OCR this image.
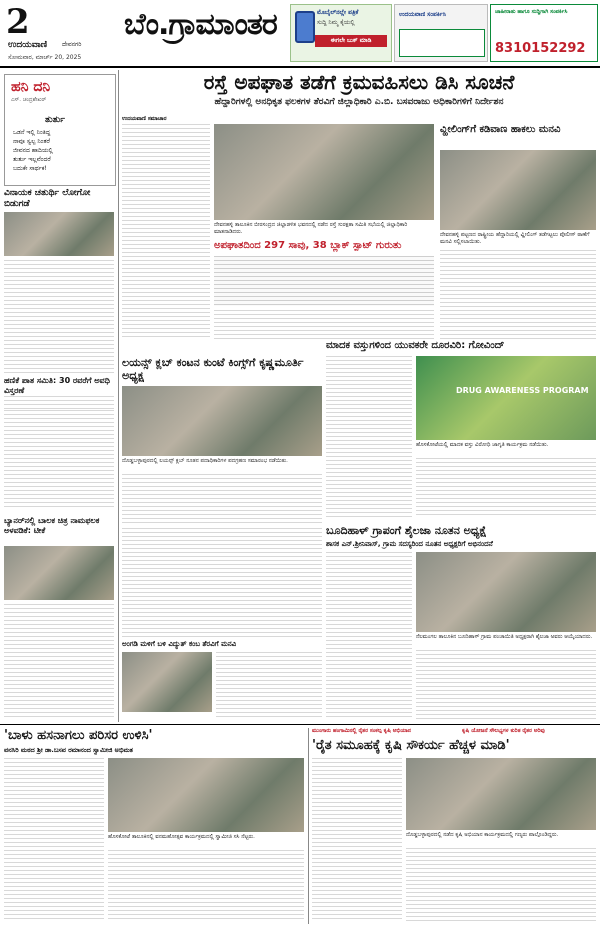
2
ಉದಯವಾಣಿ ದೇವನಗರಿ
ಸೋಮವಾರ, ಮಾರ್ಚ್ 20, 2025
ಬೆಂ.ಗ್ರಾಮಾಂತರ	ಮೊಬೈಲ್‌ನಲ್ಲೇ ಪತ್ರಿಕೆ
ಸುದ್ದಿ ನಿಮ್ಮ ಕೈಯಲ್ಲಿ
ಈಗಲೇ ಬುಕ್ ಮಾಡಿ
ಉದಯವಾಣಿ ಸಂಪರ್ಕಿಸಿ	ಜಾಹೀರಾತು ಹಾಗೂ ಸುದ್ದಿಗಾಗಿ ಸಂಪರ್ಕಿಸಿ
8310152292
ಹನಿ ದನಿ
ಎಸ್. ಚಂದ್ರಶೇಖರ್
ತುರ್ತು
ಒಡನೆ ಇಲ್ಲಿ ನಿಂತಿದ್ದ
ನಾವೂ ಸ್ವಲ್ಪ ನಿಂತರೆ
ಜೀವನದ ಹಾದಿಯಲ್ಲಿ
ತುರ್ತು ಇಲ್ಲವೆಂದರೆ
ಬದುಕೇ ಸಾರ್ಥಕ!
ವಿನಾಯಕ ಚತುರ್ಥಿ ಲೋಗೋ ಬಿಡುಗಡೆ
ಹಣಿಕೆ ಪಾತ ಸಮಿತಿ: 30 ರವರೆಗೆ ಅವಧಿ ವಿಸ್ತರಣೆ
ಬ್ಯಾನರ್‌ನಲ್ಲಿ ಬಾಲಕ ಚಿತ್ರ ನಾಮಫಲಕ ಅಳವಡಿಕೆ: ಟೀಕೆ
ರಸ್ತೆ ಅಪಘಾತ ತಡೆಗೆ ಕ್ರಮವಹಿಸಲು ಡಿಸಿ ಸೂಚನೆ
ಹೆದ್ದಾರಿಗಳಲ್ಲಿ ಅನಧಿಕೃತ ಫಲಕಗಳ ತೆರವಿಗೆ ಜಿಲ್ಲಾಧಿಕಾರಿ ಎ.ಬಿ. ಬಸವರಾಜು ಅಧಿಕಾರಿಗಳಿಗೆ ನಿರ್ದೇಶನ
ಉದಯವಾಣಿ ಸಮಾಚಾರ
ದೇವನಹಳ್ಳಿ ತಾಲೂಕಿನ ಬೀರಸಂದ್ರದ ಜಿಲ್ಲಾಡಳಿತ ಭವನದಲ್ಲಿ ನಡೆದ ರಸ್ತೆ ಸುರಕ್ಷತಾ ಸಮಿತಿ ಸಭೆಯಲ್ಲಿ ಜಿಲ್ಲಾಧಿಕಾರಿ ಮಾತನಾಡಿದರು.
ಅಪಘಾತದಿಂದ 297 ಸಾವು, 38 ಬ್ಲಾಕ್ ಸ್ಪಾಟ್ ಗುರುತು
ವ್ಹೀಲಿಂಗ್‌ಗೆ ಕಡಿವಾಣ ಹಾಕಲು ಮನವಿ
ದೇವನಹಳ್ಳಿ ಪಟ್ಟಣದ ರಾಷ್ಟ್ರೀಯ ಹೆದ್ದಾರಿಯಲ್ಲಿ ವ್ಹೀಲಿಂಗ್ ತಡೆಗಟ್ಟಲು ಪೊಲೀಸ್ ಠಾಣೆಗೆ ಮನವಿ ಸಲ್ಲಿಸಲಾಯಿತು.
ಲಯನ್ಸ್ ಕ್ಲಬ್ ಕಂಟನ ಕುಂಟೆ ಕಿಂಗ್ಸ್‌ಗೆ ಕೃಷ್ಣಮೂರ್ತಿ ಅಧ್ಯಕ್ಷ
ದೊಡ್ಡಬಳ್ಳಾಪುರದಲ್ಲಿ ಲಯನ್ಸ್ ಕ್ಲಬ್ ನೂತನ ಪದಾಧಿಕಾರಿಗಳ ಪದಗ್ರಹಣ ಸಮಾರಂಭ ನಡೆಯಿತು.
ಮಾದಕ ವಸ್ತುಗಳಿಂದ ಯುವಕರೇ ದೂರವಿರಿ: ಗೋವಿಂದ್
DRUG AWARENESS PROGRAM
ಹೊಸಕೋಟೆಯಲ್ಲಿ ಮಾದಕ ವಸ್ತು ವಿರೋಧಿ ಜಾಗೃತಿ ಕಾರ್ಯಕ್ರಮ ನಡೆಯಿತು.
ಬೂದಿಹಾಳ್ ಗ್ರಾಪಂಗೆ ಶೈಲಜಾ ನೂತನ ಅಧ್ಯಕ್ಷೆ
ಶಾಸಕ ಎನ್.ಶ್ರೀನಿವಾಸ್, ಗ್ರಾಮ ಸದಸ್ಯರಿಂದ ನೂತನ ಅಧ್ಯಕ್ಷರಿಗೆ ಅಭಿನಂದನೆ
ನೆಲಮಂಗಲ ತಾಲೂಕಿನ ಬೂದಿಹಾಳ್ ಗ್ರಾಮ ಪಂಚಾಯಿತಿ ಅಧ್ಯಕ್ಷರಾಗಿ ಶೈಲಜಾ ಅವರು ಆಯ್ಕೆಯಾದರು.
ಅಂಗಡಿ ಮಳಿಗೆ ಬಳಿ ವಿದ್ಯುತ್ ಕಂಬ ತೆರವಿಗೆ ಮನವಿ
'ಬಾಳು ಹಸನಾಗಲು ಪರಿಸರ ಉಳಿಸಿ'
ವನಸಿರಿ ಮಠದ ಶ್ರೀ ಡಾ.ಬಸವ ರಮಾನಂದ ಸ್ವಾಮೀಜಿ ಅಭಿಮತ
ಹೊಸಕೋಟೆ ತಾಲೂಕಿನಲ್ಲಿ ವನಮಹೋತ್ಸವ ಕಾರ್ಯಕ್ರಮದಲ್ಲಿ ಸ್ವಾಮೀಜಿ ಸಸಿ ನೆಟ್ಟರು.
ಮುಂಗಾರು ಹಂಗಾಮಿನಲ್ಲಿ ರೈತರ ಸಂಕಲ್ಪ ಕೃಷಿ ಅಭಿಯಾನ	ಕೃಷಿ ಯೋಜನೆ ಸೌಲಭ್ಯಗಳ ಕುರಿತ ರೈತರ ಅರಿವು
'ರೈತ ಸಮೂಹಕ್ಕೆ ಕೃಷಿ ಸೌಕರ್ಯ ಹೆಚ್ಚಳ ಮಾಡಿ'
ದೊಡ್ಡಬಳ್ಳಾಪುರದಲ್ಲಿ ನಡೆದ ಕೃಷಿ ಅಭಿಯಾನ ಕಾರ್ಯಕ್ರಮದಲ್ಲಿ ಗಣ್ಯರು ಪಾಲ್ಗೊಂಡಿದ್ದರು.
